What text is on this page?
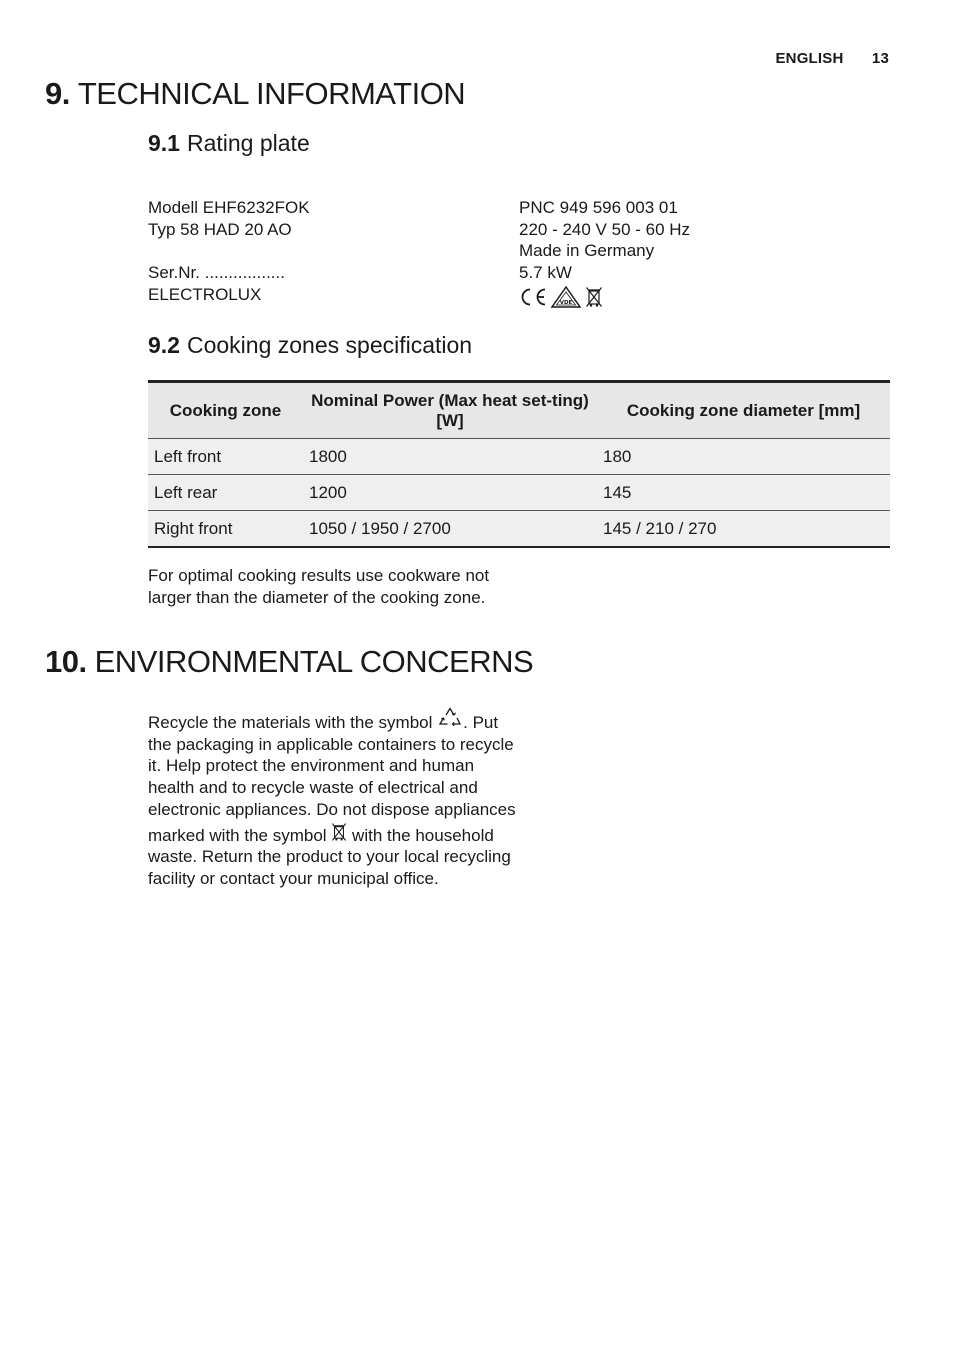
ENGLISH 13
9. TECHNICAL INFORMATION
9.1 Rating plate
Modell EHF6232FOK
Typ 58 HAD 20 AO
Ser.Nr. .................
ELECTROLUX
PNC 949 596 003 01
220 - 240 V 50 - 60 Hz
Made in Germany
5.7 kW
VDE
9.2 Cooking zones specification
Cooking zone	Nominal Power (Max heat set-ting) [W]	Cooking zone diameter [mm]
Left front	1800	180
Left rear	1200	145
Right front	1050 / 1950 / 2700	145 / 210 / 270
For optimal cooking results use cookware not larger than the diameter of the cooking zone.
10. ENVIRONMENTAL CONCERNS
Recycle the materials with the symbol . Put the packaging in applicable containers to recycle it. Help protect the environment and human health and to recycle waste of electrical and electronic appliances. Do not dispose appliances marked with the symbol with the household waste. Return the product to your local recycling facility or contact your municipal office.
